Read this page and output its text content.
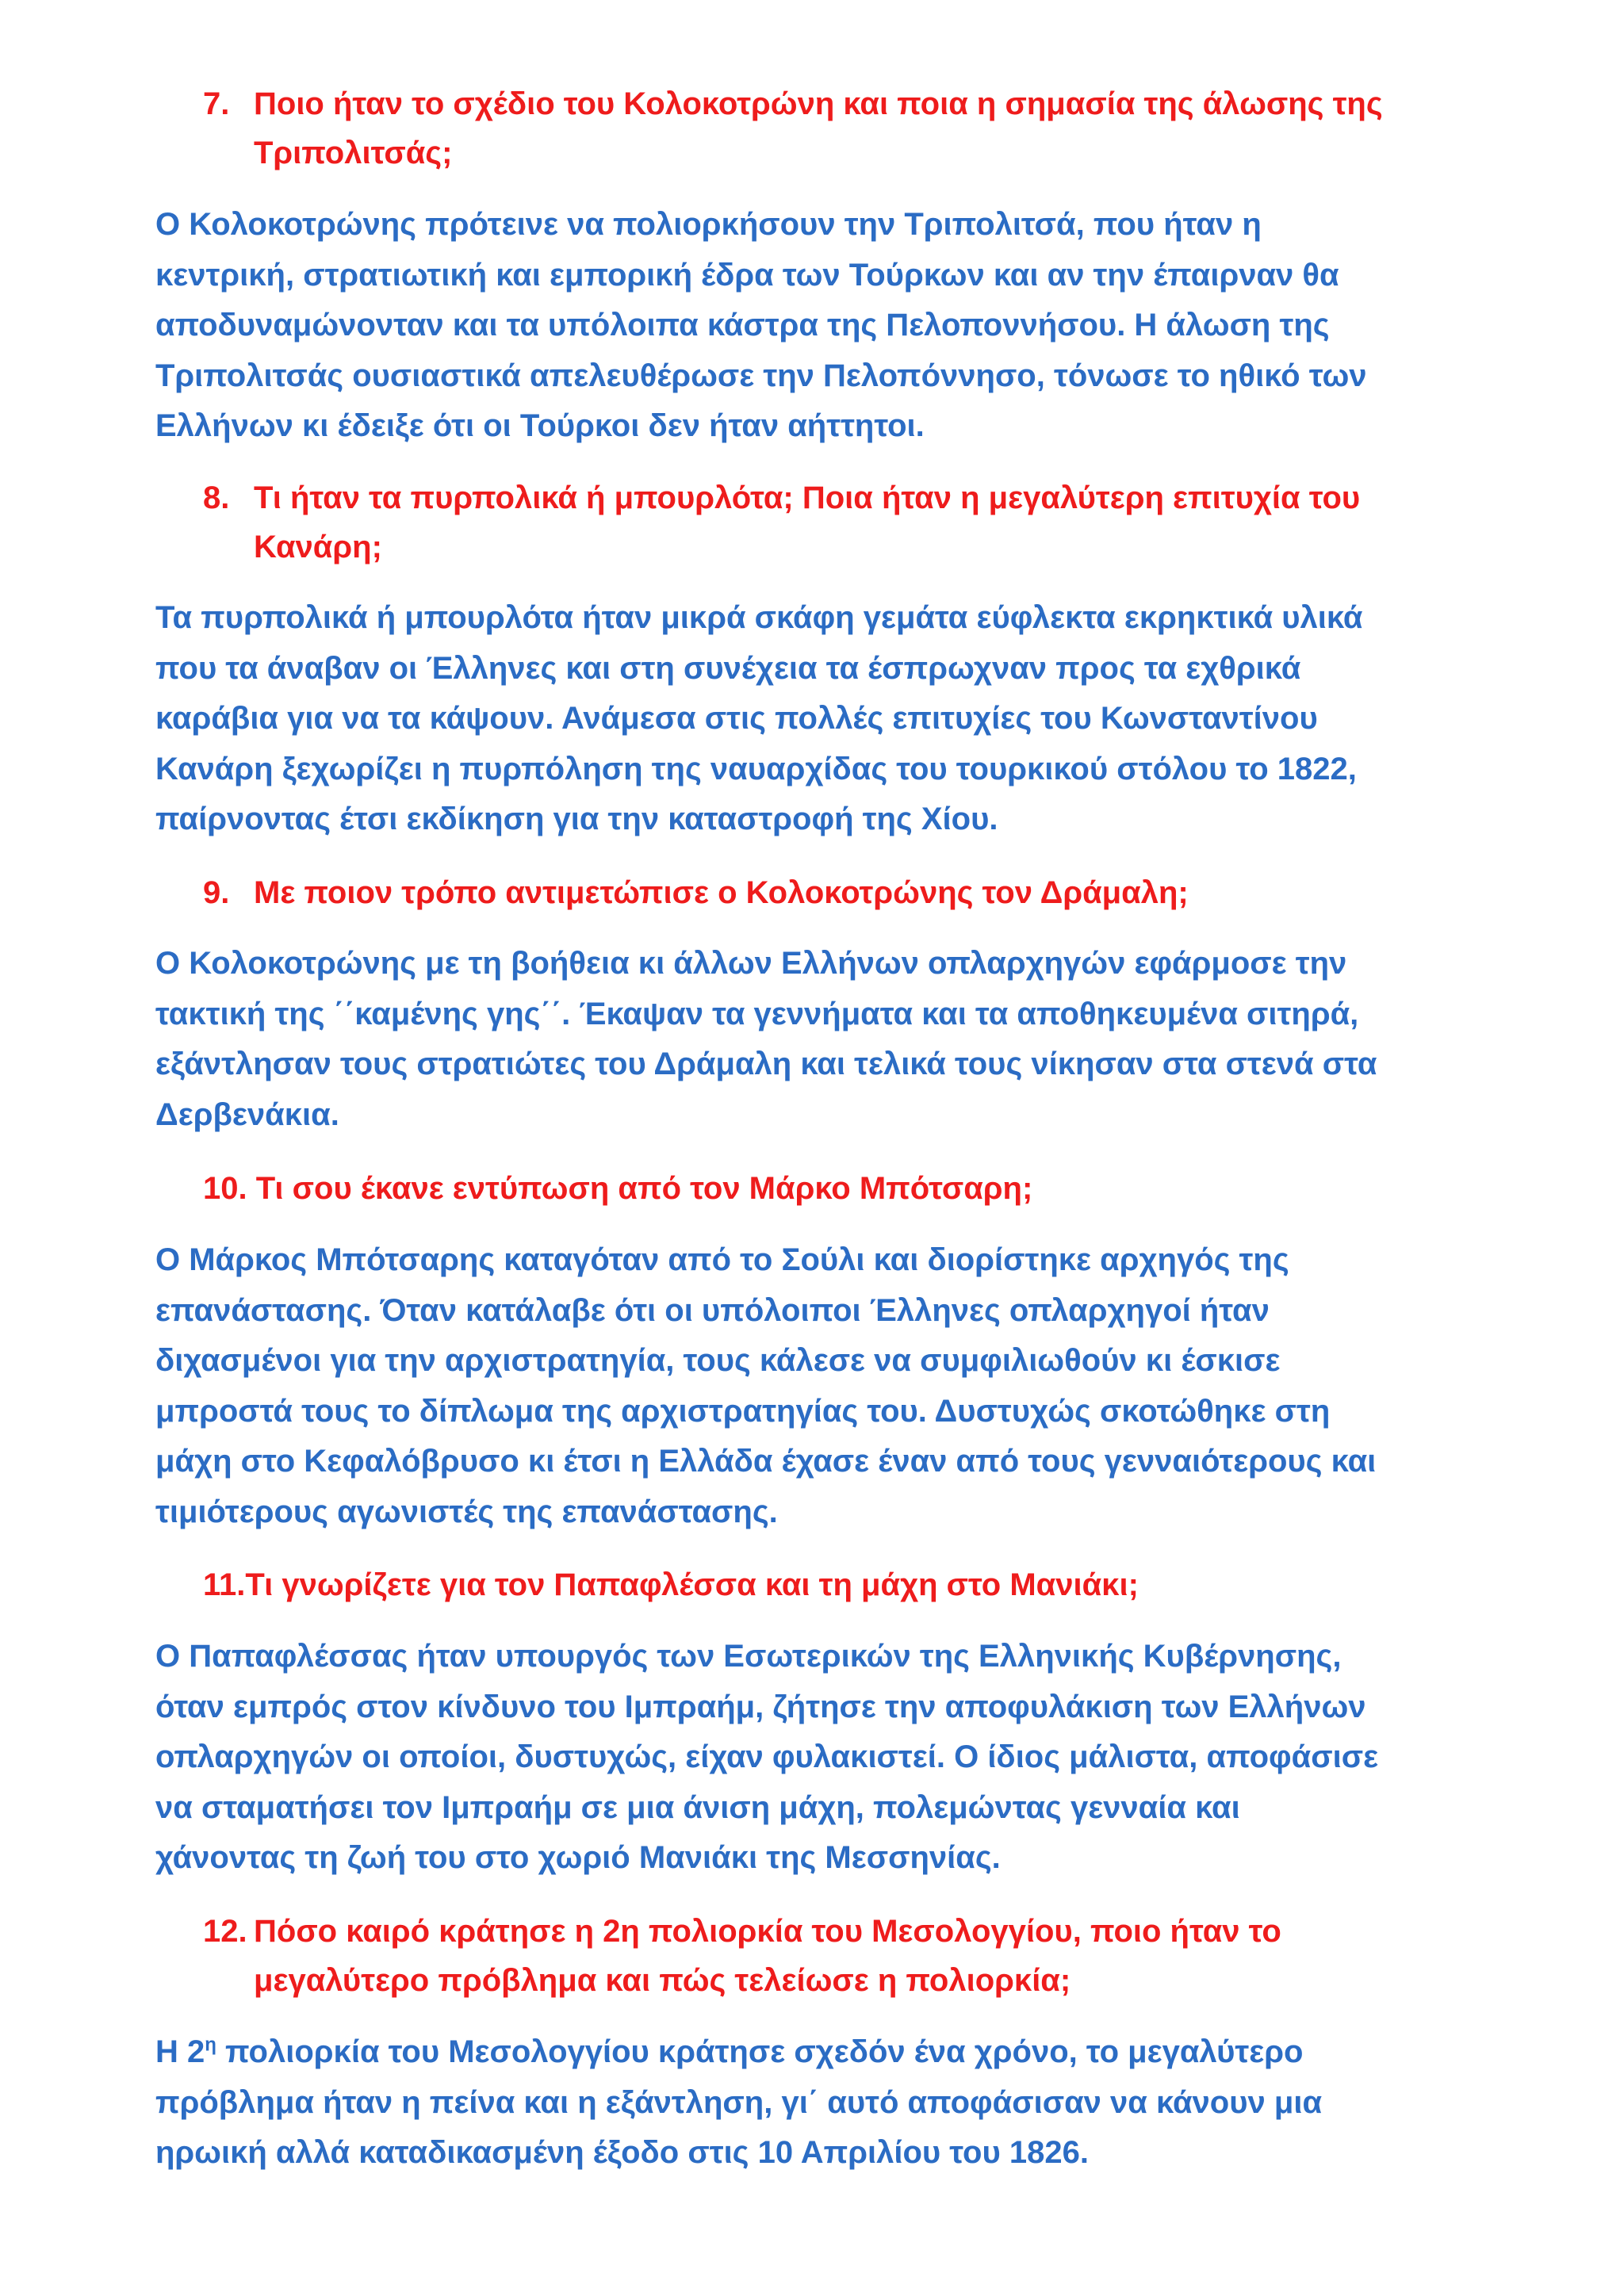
7. Ποιο ήταν το σχέδιο του Κολοκοτρώνη και ποια η σημασία της άλωσης της
Τριπολιτσάς;
Ο Κολοκοτρώνης πρότεινε να πολιορκήσουν την Τριπολιτσά, που ήταν η
κεντρική, στρατιωτική και εμπορική έδρα των Τούρκων και αν την έπαιρναν θα
αποδυναμώνονταν και τα υπόλοιπα κάστρα της Πελοποννήσου. Η άλωση της
Τριπολιτσάς ουσιαστικά απελευθέρωσε την Πελοπόννησο, τόνωσε το ηθικό των
Ελλήνων κι έδειξε ότι οι Τούρκοι δεν ήταν αήττητοι.
8. Τι ήταν τα πυρπολικά ή μπουρλότα; Ποια ήταν η μεγαλύτερη επιτυχία του
Κανάρη;
Τα πυρπολικά ή μπουρλότα ήταν μικρά σκάφη γεμάτα εύφλεκτα εκρηκτικά υλικά
που τα άναβαν οι Έλληνες και στη συνέχεια τα έσπρωχναν προς τα εχθρικά
καράβια για να τα κάψουν. Ανάμεσα στις πολλές επιτυχίες του Κωνσταντίνου
Κανάρη ξεχωρίζει η πυρπόληση της ναυαρχίδας του τουρκικού στόλου το 1822,
παίρνοντας έτσι εκδίκηση για την καταστροφή της Χίου.
9. Με ποιον τρόπο αντιμετώπισε ο Κολοκοτρώνης τον Δράμαλη;
Ο Κολοκοτρώνης με τη βοήθεια κι άλλων Ελλήνων οπλαρχηγών εφάρμοσε την
τακτική της ΄΄καμένης γης΄΄. Έκαψαν τα γεννήματα και τα αποθηκευμένα σιτηρά,
εξάντλησαν τους στρατιώτες του Δράμαλη και τελικά τους νίκησαν στα στενά στα
Δερβενάκια.
10. Τι σου έκανε εντύπωση από τον Μάρκο Μπότσαρη;
Ο Μάρκος Μπότσαρης καταγόταν από το Σούλι και διορίστηκε αρχηγός της
επανάστασης. Όταν κατάλαβε ότι οι υπόλοιποι Έλληνες οπλαρχηγοί ήταν
διχασμένοι για την αρχιστρατηγία, τους κάλεσε να συμφιλιωθούν κι έσκισε
μπροστά τους το δίπλωμα της αρχιστρατηγίας του. Δυστυχώς σκοτώθηκε στη
μάχη στο Κεφαλόβρυσο κι έτσι η Ελλάδα έχασε έναν από τους γενναιότερους και
τιμιότερους αγωνιστές της επανάστασης.
11.Τι γνωρίζετε για τον Παπαφλέσσα και τη μάχη στο Μανιάκι;
Ο Παπαφλέσσας ήταν υπουργός των Εσωτερικών της Ελληνικής Κυβέρνησης,
όταν εμπρός στον κίνδυνο του Ιμπραήμ, ζήτησε την αποφυλάκιση των Ελλήνων
οπλαρχηγών οι οποίοι, δυστυχώς, είχαν φυλακιστεί. Ο ίδιος μάλιστα, αποφάσισε
να σταματήσει τον Ιμπραήμ σε μια άνιση μάχη, πολεμώντας γενναία και
χάνοντας τη ζωή του στο χωριό Μανιάκι της Μεσσηνίας.
12. Πόσο καιρό κράτησε η 2η πολιορκία του Μεσολογγίου, ποιο ήταν το
μεγαλύτερο πρόβλημα και πώς τελείωσε η πολιορκία;
Η $2^\eta$ πολιορκία του Μεσολογγίου κράτησε σχεδόν ένα χρόνο, το μεγαλύτερο
πρόβλημα ήταν η πείνα και η εξάντληση, γι΄ αυτό αποφάσισαν να κάνουν μια
ηρωική αλλά καταδικασμένη έξοδο στις 10 Απριλίου του 1826.
